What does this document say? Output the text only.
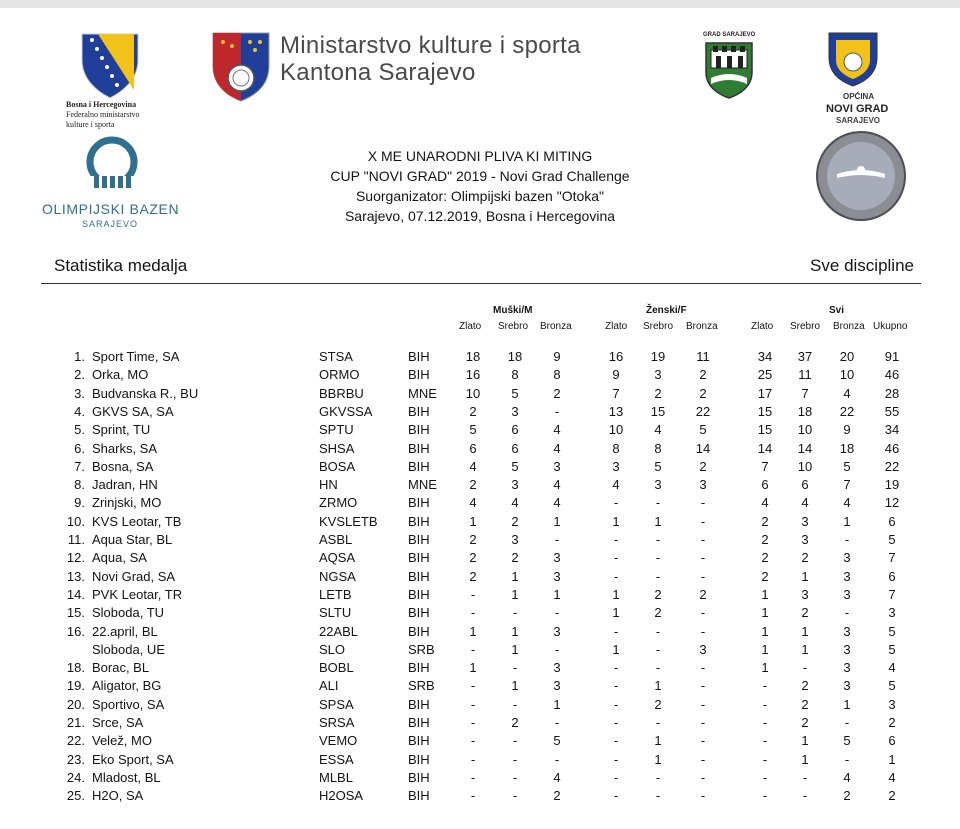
Bosna i Hercegovina
Federalno ministarstvo
kulture i sporta
Ministarstvo kulture i sporta
Kantona Sarajevo
GRAD SARAJEVO
OPĆINA
NOVI GRAD
SARAJEVO
OLIMPIJSKI BAZEN
SARAJEVO
X ME UNARODNI PLIVA KI MITING
CUP "NOVI GRAD" 2019 - Novi Grad Challenge
Suorganizator: Olimpijski bazen "Otoka"
Sarajevo, 07.12.2019, Bosna i Hercegovina
Statistika medalja	Sve discipline
Muški/M	Ženski/F	Svi
Zlato Srebro Bronza	Zlato Srebro Bronza	Zlato Srebro Bronza Ukupno
1. Sport Time, SA	STSA	BIH	18	18	9	16	19	11	34	37	20	91
2. Orka, MO	ORMO	BIH	16	8	8	9	3	2	25	11	10	46
3. Budvanska R., BU	BBRBU	MNE	10	5	2	7	2	2	17	7	4	28
4. GKVS SA, SA	GKVSSA	BIH	2	3	-	13	15	22	15	18	22	55
5. Sprint, TU	SPTU	BIH	5	6	4	10	4	5	15	10	9	34
6. Sharks, SA	SHSA	BIH	6	6	4	8	8	14	14	14	18	46
7. Bosna, SA	BOSA	BIH	4	5	3	3	5	2	7	10	5	22
8. Jadran, HN	HN	MNE	2	3	4	4	3	3	6	6	7	19
9. Zrinjski, MO	ZRMO	BIH	4	4	4	-	-	-	4	4	4	12
10. KVS Leotar, TB	KVSLETB BIH	1	2	1	1	1	-	2	3	1	6
11. Aqua Star, BL	ASBL	BIH	2	3	-	-	-	-	2	3	-	5
12. Aqua, SA	AQSA	BIH	2	2	3	-	-	-	2	2	3	7
13. Novi Grad, SA	NGSA	BIH	2	1	3	-	-	-	2	1	3	6
14. PVK Leotar, TR	LETB	BIH	-	1	1	1	2	2	1	3	3	7
15. Sloboda, TU	SLTU	BIH	-	-	-	1	2	-	1	2	-	3
16. 22.april, BL	22ABL	BIH	1	1	3	-	-	-	1	1	3	5
Sloboda, UE	SLO	SRB	-	1	-	1	-	3	1	1	3	5
18. Borac, BL	BOBL	BIH	1	-	3	-	-	-	1	-	3	4
19. Aligator, BG	ALI	SRB	-	1	3	-	1	-	-	2	3	5
20. Sportivo, SA	SPSA	BIH	-	-	1	-	2	-	-	2	1	3
21. Srce, SA	SRSA	BIH	-	2	-	-	-	-	-	2	-	2
22. Velež, MO	VEMO	BIH	-	-	5	-	1	-	-	1	5	6
23. Eko Sport, SA	ESSA	BIH	-	-	-	-	1	-	-	1	-	1
24. Mladost, BL	MLBL	BIH	-	-	4	-	-	-	-	-	4	4
25. H2O, SA	H2OSA	BIH	-	-	2	-	-	-	-	-	2	2
